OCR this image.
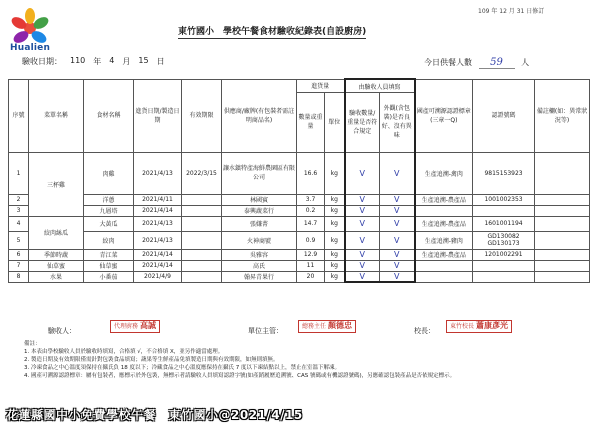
Hualien
109 年 12 月 31 日修訂
東竹國小　學校午餐食材驗收紀錄表(自設廚房)
驗收日期： 110 年 4 月 15 日	今日供餐人數 59 人
序號	菜單名稱	食材名稱	進貨日期/製造日期	有效期限	供應商/廠牌(有包裝者需註明商品名)	進貨量		由驗收人員填寫		國產可溯源認證標章(三章一Q)	認證號碼	備註欄(如：異常狀況等)
						數量或重量	單位	驗收數量/重量是否符合規定	外觀(含包裝)是否良好、沒有異味			
1	三杯雞	肉雞	2021/4/13	2022/3/15	讓水鎮特產海鮮農園區有限公司	16.6	kg	V	V	生產追溯-禽肉	9815153923	
2		洋蔥	2021/4/11		林國賓	3.7	kg	V	V	生產追溯-農產品	1001002353	
3		九層塔	2021/4/14		泰興蔬菜行	0.2	kg	V	V			
4	絞肉絲瓜	大黃瓜	2021/4/13		張嫌菁	14.7	kg	V	V	生產追溯-農產品	1601001194	
5		絞肉	2021/4/13		火神商號	0.9	kg	V	V	生產追溯-豬肉	GD130082
GD130173	
6	季節時蔬	青江菜	2021/4/14		吳雅容	12.9	kg	V	V	生產追溯-農產品	1201002291	
7	仙草蜜	仙草蜜	2021/4/14		高氏	11	kg	V	V			
8	水果	小番茄	2021/4/9		翰昇青果行	20	kg	V	V			
驗收人：
代理廚務 高誠
單位主管：
總務主任 顏德忠
校長：
東竹校長 蕭康彥光
備註：
1. 本表由學校驗收人員於驗收時填寫，合格填 √，不合格填 X，並另作適當處理。
2. 製造日期及有效期限僅需針對包裝食品填寫；蔬果等生鮮產品免填製造日期與有效期限，如無則填無。
3. 冷凍食品之中心溫度須保持在攝氏負 18 度以下；冷藏食品之中心溫度應保持在攝氏 7 度以下凍結點以上，禁止在室溫下解凍。
4. 國產可溯源認證標章：屬有包裝者，應標示於外包裝，無標示者請驗收人員填寫認證字號(如產銷履歷追溯號、CAS 號碼或有機認證號碼)，另應確認包裝產品是否依規定標示。
花蓮縣國中小免費學校午餐　東竹國小@2021/4/15
